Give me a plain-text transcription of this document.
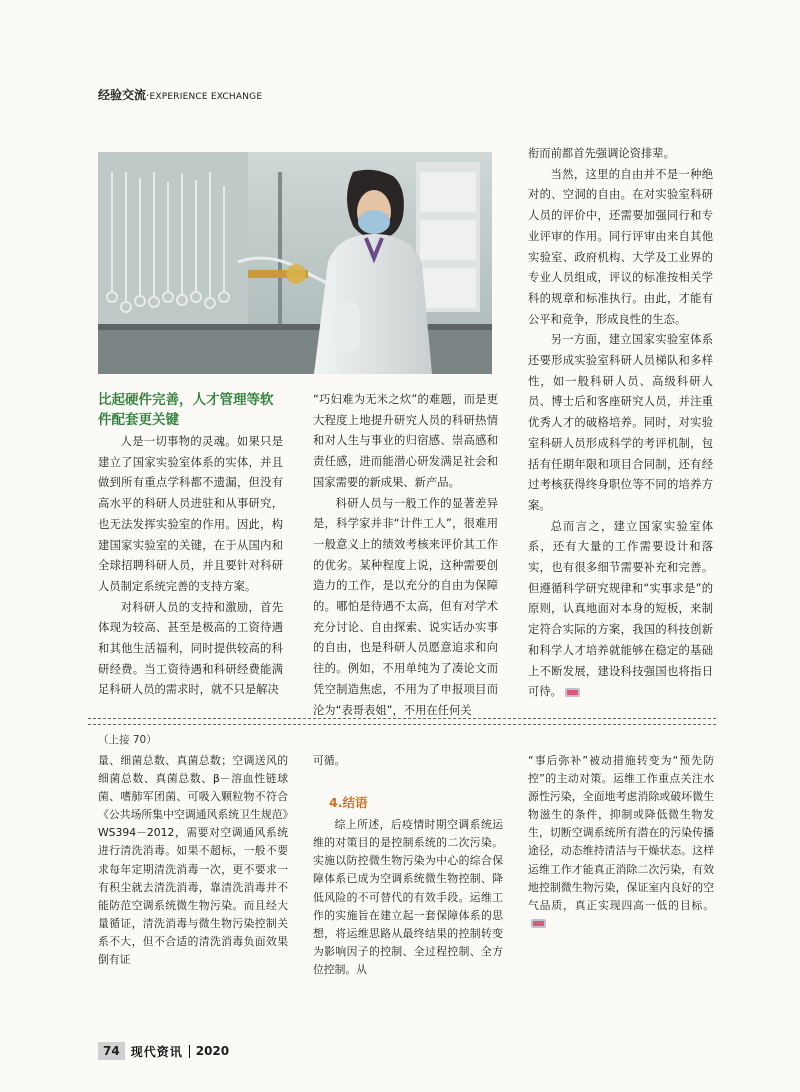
经验交流·EXPERIENCE EXCHANGE
比起硬件完善，人才管理等软件配套更关键

人是一切事物的灵魂。如果只是建立了国家实验室体系的实体，并且做到所有重点学科都不遗漏，但没有高水平的科研人员进驻和从事研究，也无法发挥实验室的作用。因此，构建国家实验室的关键，在于从国内和全球招聘科研人员，并且要针对科研人员制定系统完善的支持方案。

对科研人员的支持和激励，首先体现为较高、甚至是极高的工资待遇和其他生活福利，同时提供较高的科研经费。当工资待遇和科研经费能满足科研人员的需求时，就不只是解决

“巧妇难为无米之炊”的难题，而是更大程度上地提升研究人员的科研热情和对人生与事业的归宿感、崇高感和责任感，进而能潜心研发满足社会和国家需要的新成果、新产品。

科研人员与一般工作的显著差异是，科学家并非“计件工人”，很难用一般意义上的绩效考核来评价其工作的优劣。某种程度上说，这种需要创造力的工作，是以充分的自由为保障的。哪怕是待遇不太高，但有对学术充分讨论、自由探索、说实话办实事的自由，也是科研人员愿意追求和向往的。例如，不用单纯为了凑论文而凭空制造焦虑，不用为了申报项目而沦为“表哥表姐”，不用在任何关

衔而前都首先强调论资排辈。

当然，这里的自由并不是一种绝对的、空洞的自由。在对实验室科研人员的评价中，还需要加强同行和专业评审的作用。同行评审由来自其他实验室、政府机构、大学及工业界的专业人员组成，评议的标准按相关学科的规章和标准执行。由此，才能有公平和竞争，形成良性的生态。

另一方面，建立国家实验室体系还要形成实验室科研人员梯队和多样性，如一般科研人员、高级科研人员、博士后和客座研究人员，并注重优秀人才的破格培养。同时，对实验室科研人员形成科学的考评机制，包括有任期年限和项目合同制，还有经过考核获得终身职位等不同的培养方案。

总而言之，建立国家实验室体系，还有大量的工作需要设计和落实，也有很多细节需要补充和完善。但遵循科学研究规律和“实事求是”的原则，认真地面对本身的短板，来制定符合实际的方案，我国的科技创新和科学人才培养就能够在稳定的基础上不断发展，建设科技强国也将指日可待。

（上接 70）

量、细菌总数、真菌总数；空调送风的细菌总数、真菌总数、β－溶血性链球菌、嗜肺军团菌、可吸入颗粒物不符合《公共场所集中空调通风系统卫生规范》WS394－2012，需要对空调通风系统进行清洗消毒。如果不超标，一般不要求每年定期清洗消毒一次，更不要求一有积尘就去清洗消毒，靠清洗消毒并不能防范空调系统微生物污染。而且经大量循证，清洗消毒与微生物污染控制关系不大，但不合适的清洗消毒负面效果倒有证

可循。

4.结语

综上所述，后疫情时期空调系统运维的对策目的是控制系统的二次污染。实施以防控微生物污染为中心的综合保障体系已成为空调系统微生物控制、降低风险的不可替代的有效手段。运维工作的实施旨在建立起一套保障体系的思想，将运维思路从最终结果的控制转变为影响因子的控制、全过程控制、全方位控制。从

“事后弥补”被动措施转变为“预先防控”的主动对策。运维工作重点关注水源性污染，全面地考虑消除或破坏微生物滋生的条件，抑制或降低微生物发生，切断空调系统所有潜在的污染传播途径，动态维持清洁与干燥状态。这样运维工作才能真正消除二次污染，有效地控制微生物污染，保证室内良好的空气品质，真正实现四高一低的目标。

74 现代资讯 2020
